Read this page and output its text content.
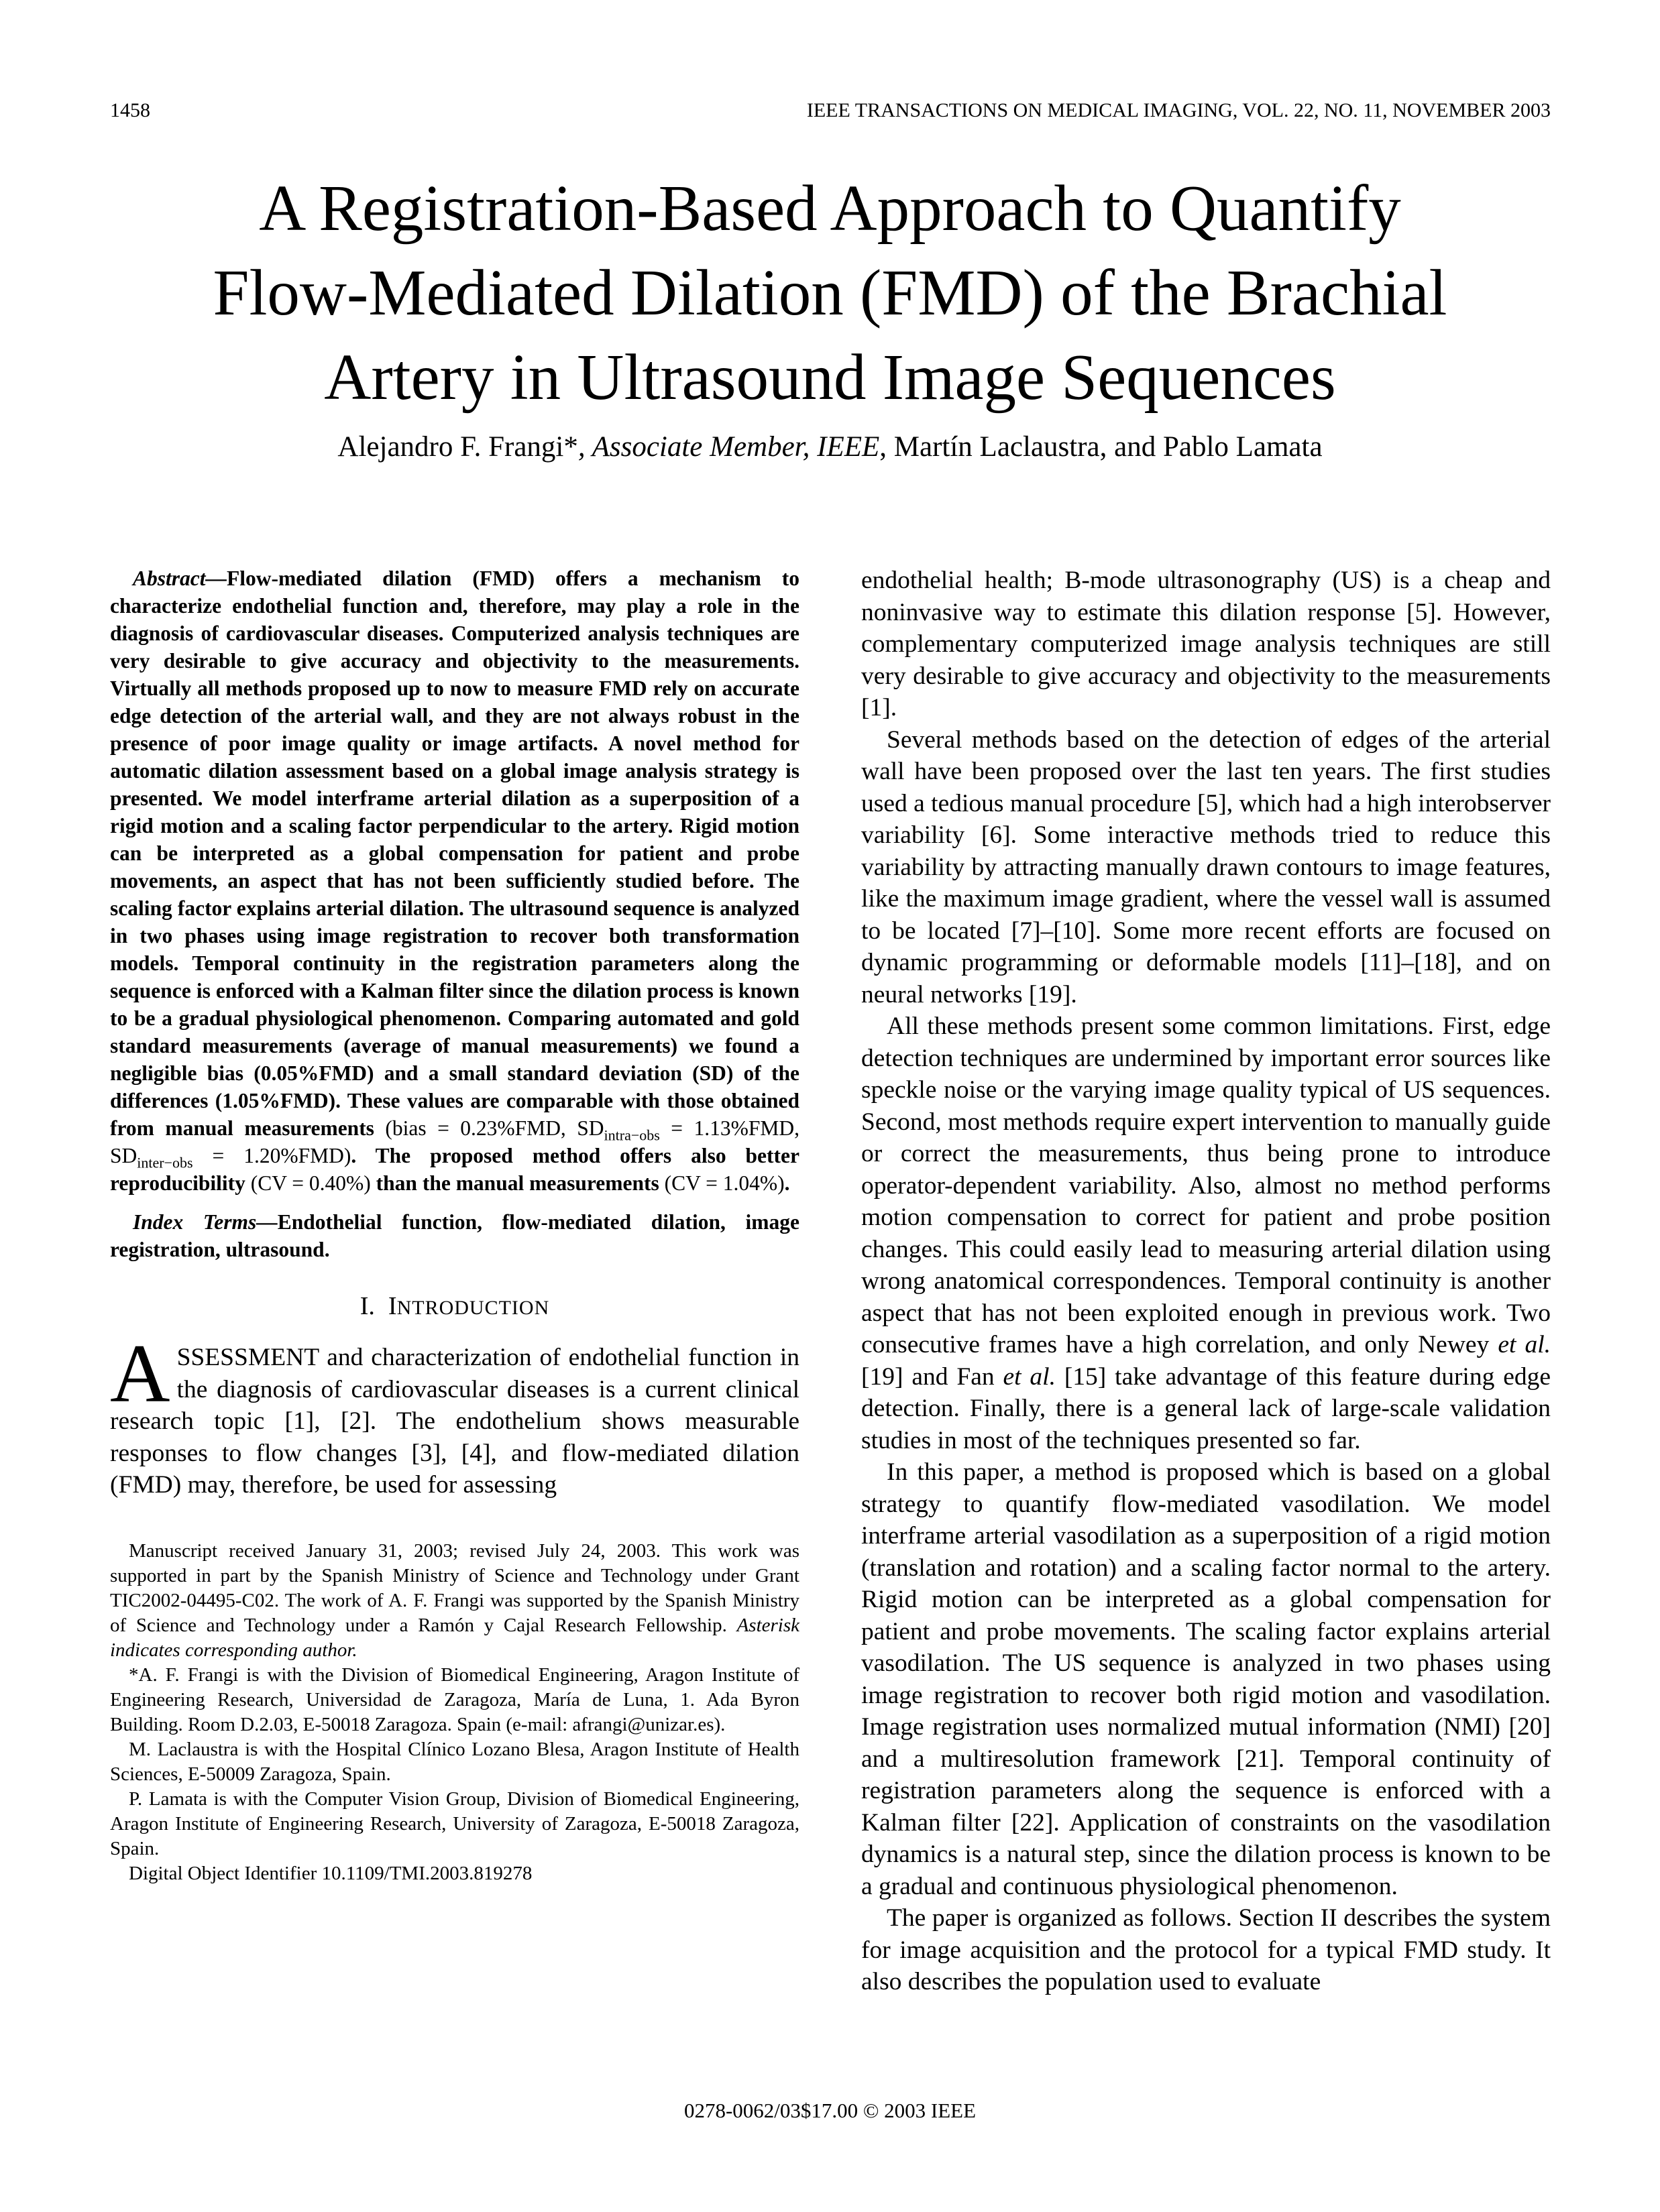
1458	IEEE TRANSACTIONS ON MEDICAL IMAGING, VOL. 22, NO. 11, NOVEMBER 2003
A Registration-Based Approach to Quantify
Flow-Mediated Dilation (FMD) of the Brachial
Artery in Ultrasound Image Sequences
Alejandro F. Frangi*, Associate Member, IEEE, Martín Laclaustra, and Pablo Lamata

Abstract—Flow-mediated dilation (FMD) offers a mechanism to characterize endothelial function and, therefore, may play a role in the diagnosis of cardiovascular diseases. Computerized analysis techniques are very desirable to give accuracy and objectivity to the measurements. Virtually all methods proposed up to now to measure FMD rely on accurate edge detection of the arterial wall, and they are not always robust in the presence of poor image quality or image artifacts. A novel method for automatic dilation assessment based on a global image analysis strategy is presented. We model interframe arterial dilation as a superposition of a rigid motion and a scaling factor perpendicular to the artery. Rigid motion can be interpreted as a global compensation for patient and probe movements, an aspect that has not been sufficiently studied before. The scaling factor explains arterial dilation. The ultrasound sequence is analyzed in two phases using image registration to recover both transformation models. Temporal continuity in the registration parameters along the sequence is enforced with a Kalman filter since the dilation process is known to be a gradual physiological phenomenon. Comparing automated and gold standard measurements (average of manual measurements) we found a negligible bias (0.05%FMD) and a small standard deviation (SD) of the differences (1.05%FMD). These values are comparable with those obtained from manual measurements (bias = 0.23%FMD, $SD_{intra-obs} = 1.13\%FMD$, $SD_{inter-obs} = 1.20\%FMD$). The proposed method offers also better reproducibility (CV = 0.40%) than the manual measurements (CV = 1.04%).

Index Terms—Endothelial function, flow-mediated dilation, image registration, ultrasound.

I. INTRODUCTION

ASSESSMENT and characterization of endothelial function in the diagnosis of cardiovascular diseases is a current clinical research topic [1], [2]. The endothelium shows measurable responses to flow changes [3], [4], and flow-mediated dilation (FMD) may, therefore, be used for assessing

Manuscript received January 31, 2003; revised July 24, 2003. This work was supported in part by the Spanish Ministry of Science and Technology under Grant TIC2002-04495-C02. The work of A. F. Frangi was supported by the Spanish Ministry of Science and Technology under a Ramón y Cajal Research Fellowship. Asterisk indicates corresponding author.

*A. F. Frangi is with the Division of Biomedical Engineering, Aragon Institute of Engineering Research, Universidad de Zaragoza, María de Luna, 1. Ada Byron Building. Room D.2.03, E-50018 Zaragoza. Spain (e-mail: afrangi@unizar.es).

M. Laclaustra is with the Hospital Clínico Lozano Blesa, Aragon Institute of Health Sciences, E-50009 Zaragoza, Spain.

P. Lamata is with the Computer Vision Group, Division of Biomedical Engineering, Aragon Institute of Engineering Research, University of Zaragoza, E-50018 Zaragoza, Spain.

Digital Object Identifier 10.1109/TMI.2003.819278

endothelial health; B-mode ultrasonography (US) is a cheap and noninvasive way to estimate this dilation response [5]. However, complementary computerized image analysis techniques are still very desirable to give accuracy and objectivity to the measurements [1].

Several methods based on the detection of edges of the arterial wall have been proposed over the last ten years. The first studies used a tedious manual procedure [5], which had a high interobserver variability [6]. Some interactive methods tried to reduce this variability by attracting manually drawn contours to image features, like the maximum image gradient, where the vessel wall is assumed to be located [7]–[10]. Some more recent efforts are focused on dynamic programming or deformable models [11]–[18], and on neural networks [19].

All these methods present some common limitations. First, edge detection techniques are undermined by important error sources like speckle noise or the varying image quality typical of US sequences. Second, most methods require expert intervention to manually guide or correct the measurements, thus being prone to introduce operator-dependent variability. Also, almost no method performs motion compensation to correct for patient and probe position changes. This could easily lead to measuring arterial dilation using wrong anatomical correspondences. Temporal continuity is another aspect that has not been exploited enough in previous work. Two consecutive frames have a high correlation, and only Newey et al. [19] and Fan et al. [15] take advantage of this feature during edge detection. Finally, there is a general lack of large-scale validation studies in most of the techniques presented so far.

In this paper, a method is proposed which is based on a global strategy to quantify flow-mediated vasodilation. We model interframe arterial vasodilation as a superposition of a rigid motion (translation and rotation) and a scaling factor normal to the artery. Rigid motion can be interpreted as a global compensation for patient and probe movements. The scaling factor explains arterial vasodilation. The US sequence is analyzed in two phases using image registration to recover both rigid motion and vasodilation. Image registration uses normalized mutual information (NMI) [20] and a multiresolution framework [21]. Temporal continuity of registration parameters along the sequence is enforced with a Kalman filter [22]. Application of constraints on the vasodilation dynamics is a natural step, since the dilation process is known to be a gradual and continuous physiological phenomenon.

The paper is organized as follows. Section II describes the system for image acquisition and the protocol for a typical FMD study. It also describes the population used to evaluate

0278-0062/03$17.00 © 2003 IEEE
